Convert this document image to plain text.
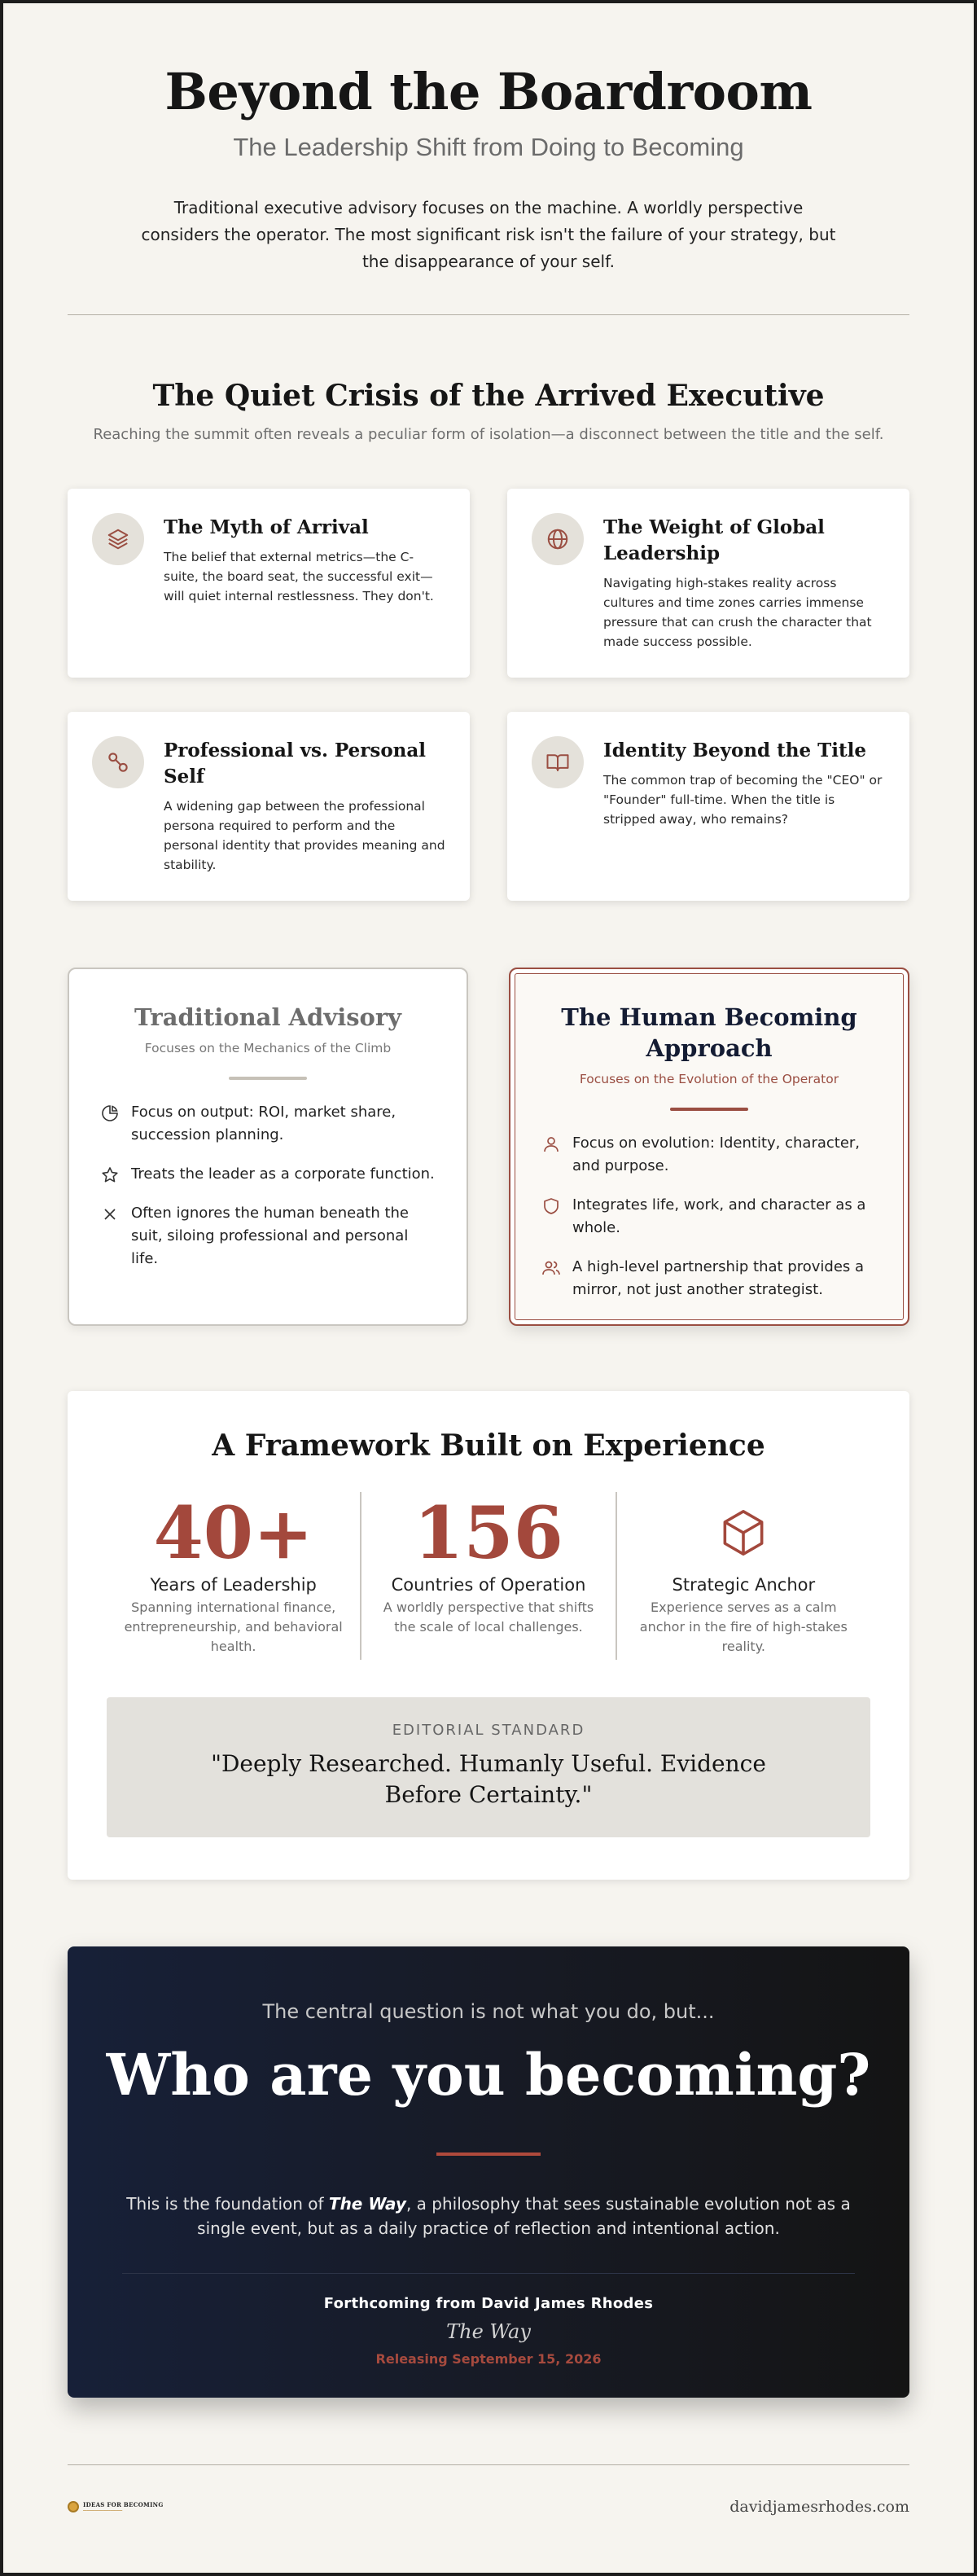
Beyond the Boardroom
The Leadership Shift from Doing to Becoming

Traditional executive advisory focuses on the machine. A worldly perspective considers the operator. The most significant risk isn't the failure of your strategy, but the disappearance of your self.

The Quiet Crisis of the Arrived Executive
Reaching the summit often reveals a peculiar form of isolation—a disconnect between the title and the self.
The Myth of Arrival

The belief that external metrics—the C-suite, the board seat, the successful exit—will quiet internal restlessness. They don't.

The Weight of Global Leadership

Navigating high-stakes reality across cultures and time zones carries immense pressure that can crush the character that made success possible.

Professional vs. Personal Self

A widening gap between the professional persona required to perform and the personal identity that provides meaning and stability.

Identity Beyond the Title

The common trap of becoming the "CEO" or "Founder" full-time. When the title is stripped away, who remains?

Traditional Advisory
Focuses on the Mechanics of the Climb
Focus on output: ROI, market share, succession planning.
Treats the leader as a corporate function.
Often ignores the human beneath the suit, siloing professional and personal life.
The Human Becoming Approach
Focuses on the Evolution of the Operator
Focus on evolution: Identity, character, and purpose.
Integrates life, work, and character as a whole.
A high-level partnership that provides a mirror, not just another strategist.
A Framework Built on Experience
40+
Years of Leadership
Spanning international finance, entrepreneurship, and behavioral health.
156
Countries of Operation
A worldly perspective that shifts the scale of local challenges.
Strategic Anchor
Experience serves as a calm anchor in the fire of high-stakes reality.
EDITORIAL STANDARD
"Deeply Researched. Humanly Useful. Evidence Before Certainty."
The central question is not what you do, but...
Who are you becoming?

This is the foundation of The Way, a philosophy that sees sustainable evolution not as a single event, but as a daily practice of reflection and intentional action.

Forthcoming from David James Rhodes
The Way
Releasing September 15, 2026
IDEAS FOR BECOMING
━━━━━━━━━━━━━━━━━━━━	davidjamesrhodes.com
